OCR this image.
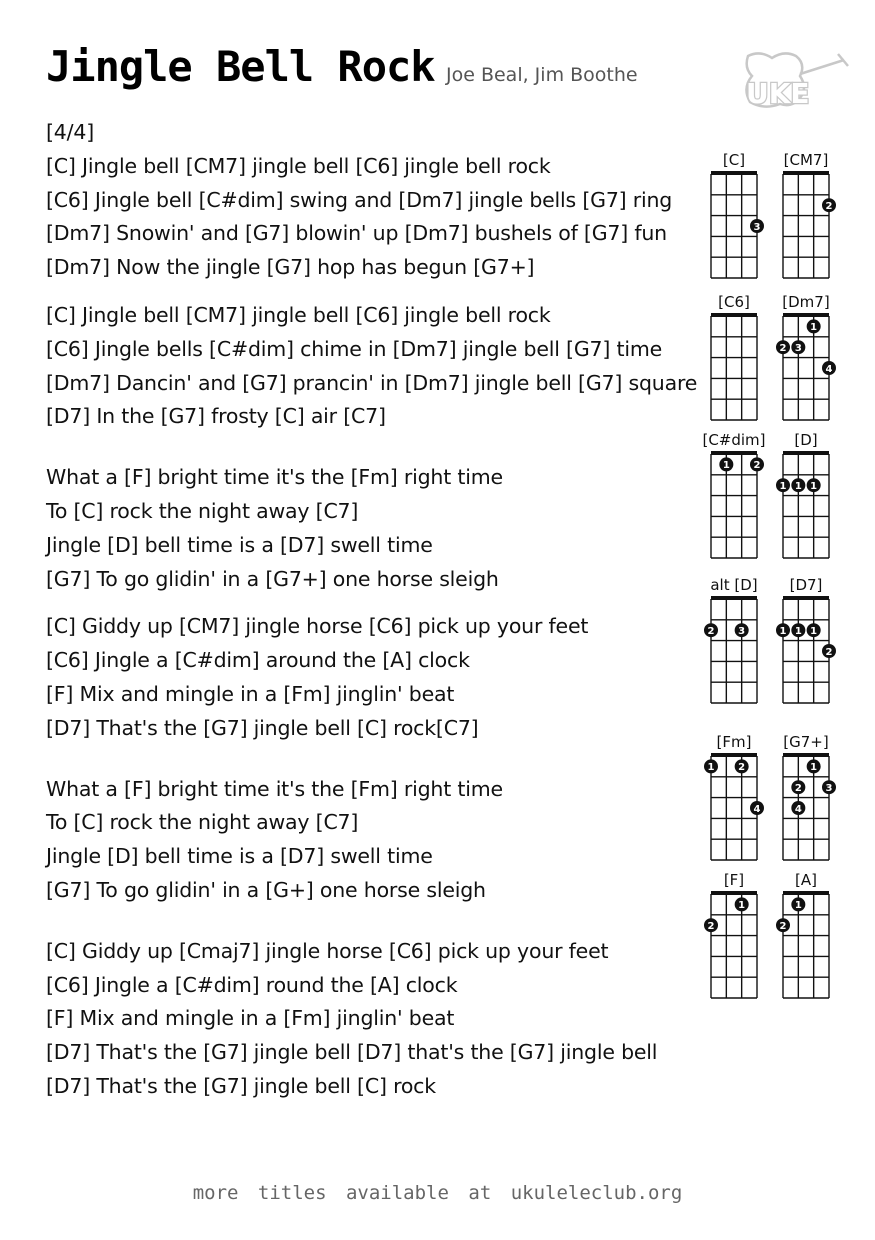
Jingle Bell Rock Joe Beal, Jim Boothe
UKE
[4/4]
[C] Jingle bell [CM7] jingle bell [C6] jingle bell rock
[C6] Jingle bell [C#dim] swing and [Dm7] jingle bells [G7] ring
[Dm7] Snowin' and [G7] blowin' up [Dm7] bushels of [G7] fun
[Dm7] Now the jingle [G7] hop has begun [G7+]
[C] Jingle bell [CM7] jingle bell [C6] jingle bell rock
[C6] Jingle bells [C#dim] chime in [Dm7] jingle bell [G7] time
[Dm7] Dancin' and [G7] prancin' in [Dm7] jingle bell [G7] square
[D7] In the [G7] frosty [C] air [C7]
What a [F] bright time it's the [Fm] right time
To [C] rock the night away [C7]
Jingle [D] bell time is a [D7] swell time
[G7] To go glidin' in a [G7+] one horse sleigh
[C] Giddy up [CM7] jingle horse [C6] pick up your feet
[C6] Jingle a [C#dim] around the [A] clock
[F] Mix and mingle in a [Fm] jinglin' beat
[D7] That's the [G7] jingle bell [C] rock[C7]
What a [F] bright time it's the [Fm] right time
To [C] rock the night away [C7]
Jingle [D] bell time is a [D7] swell time
[G7] To go glidin' in a [G+] one horse sleigh
[C] Giddy up [Cmaj7] jingle horse [C6] pick up your feet
[C6] Jingle a [C#dim] round the [A] clock
[F] Mix and mingle in a [Fm] jinglin' beat
[D7] That's the [G7] jingle bell [D7] that's the [G7] jingle bell
[D7] That's the [G7] jingle bell [C] rock
[C]
3
[CM7]
2
[C6]	[Dm7]
1
2 3
4
[C#dim]
1 2
[D]
1 1 1
alt [D]
2 3
[D7]
1 1 1
2
[Fm]
1 2
4
[G7+]
1
2 3
4
[F]
1
2
[A]
1
2
more titles available at ukuleleclub.org
